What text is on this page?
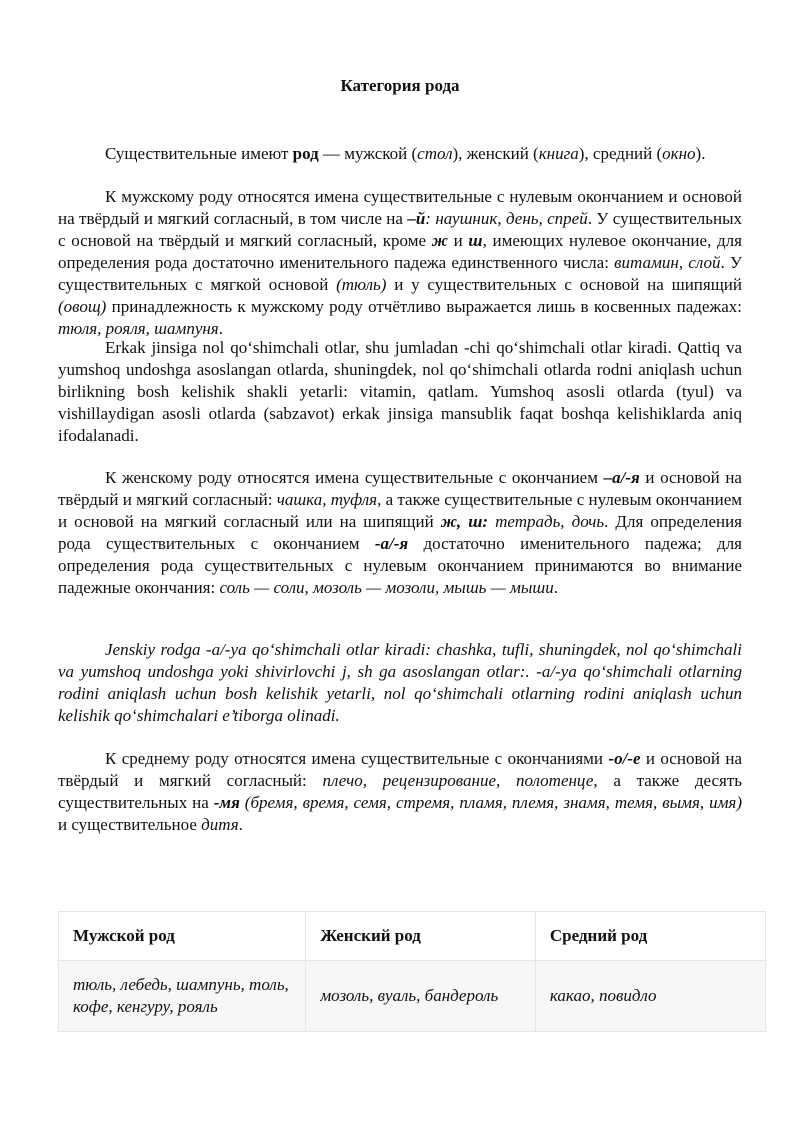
Категория рода
Существительные имеют род — мужской (стол), женский (книга), средний (окно).
К мужскому роду относятся имена существительные с нулевым окончанием и основой на твёрдый и мягкий согласный, в том числе на –й: наушник, день, спрей. У существительных с основой на твёрдый и мягкий согласный, кроме ж и ш, имеющих нулевое окончание, для определения рода достаточно именительного падежа единственного числа: витамин, слой. У существительных с мягкой основой (тюль) и у существительных с основой на шипящий (овощ) принадлежность к мужскому роду отчётливо выражается лишь в косвенных падежах: тюля, рояля, шампуня.
Erkak jinsiga nol qo‘shimchali otlar, shu jumladan -chi qo‘shimchali otlar kiradi. Qattiq va yumshoq undoshga asoslangan otlarda, shuningdek, nol qo‘shimchali otlarda rodni aniqlash uchun birlikning bosh kelishik shakli yetarli: vitamin, qatlam. Yumshoq asosli otlarda (tyul) va vishillaydigan asosli otlarda (sabzavot) erkak jinsiga mansublik faqat boshqa kelishiklarda aniq ifodalanadi.
К женскому роду относятся имена существительные с окончанием –а/-я и основой на твёрдый и мягкий согласный: чашка, туфля, а также существительные с нулевым окончанием и основой на мягкий согласный или на шипящий ж, ш: тетрадь, дочь. Для определения рода существительных с окончанием -а/-я достаточно именительного падежа; для определения рода существительных с нулевым окончанием принимаются во внимание падежные окончания: соль — соли, мозоль — мозоли, мышь — мыши.
Jenskiy rodga -a/-ya qo‘shimchali otlar kiradi: chashka, tufli, shuningdek, nol qo‘shimchali va yumshoq undoshga yoki shivirlovchi j, sh ga asoslangan otlar:. -a/-ya qo‘shimchali otlarning rodini aniqlash uchun bosh kelishik yetarli, nol qo‘shimchali otlarning rodini aniqlash uchun kelishik qo‘shimchalari e’tiborga olinadi.
К среднему роду относятся имена существительные с окончаниями -о/-е и основой на твёрдый и мягкий согласный: плечо, рецензирование, полотенце, а также десять существительных на -мя (бремя, время, семя, стремя, пламя, племя, знамя, темя, вымя, имя) и существительное дитя.
Мужской род	Женский род	Средний род
тюль, лебедь, шампунь, толь, кофе, кенгуру, рояль	мозоль, вуаль, бандероль	какао, повидло
